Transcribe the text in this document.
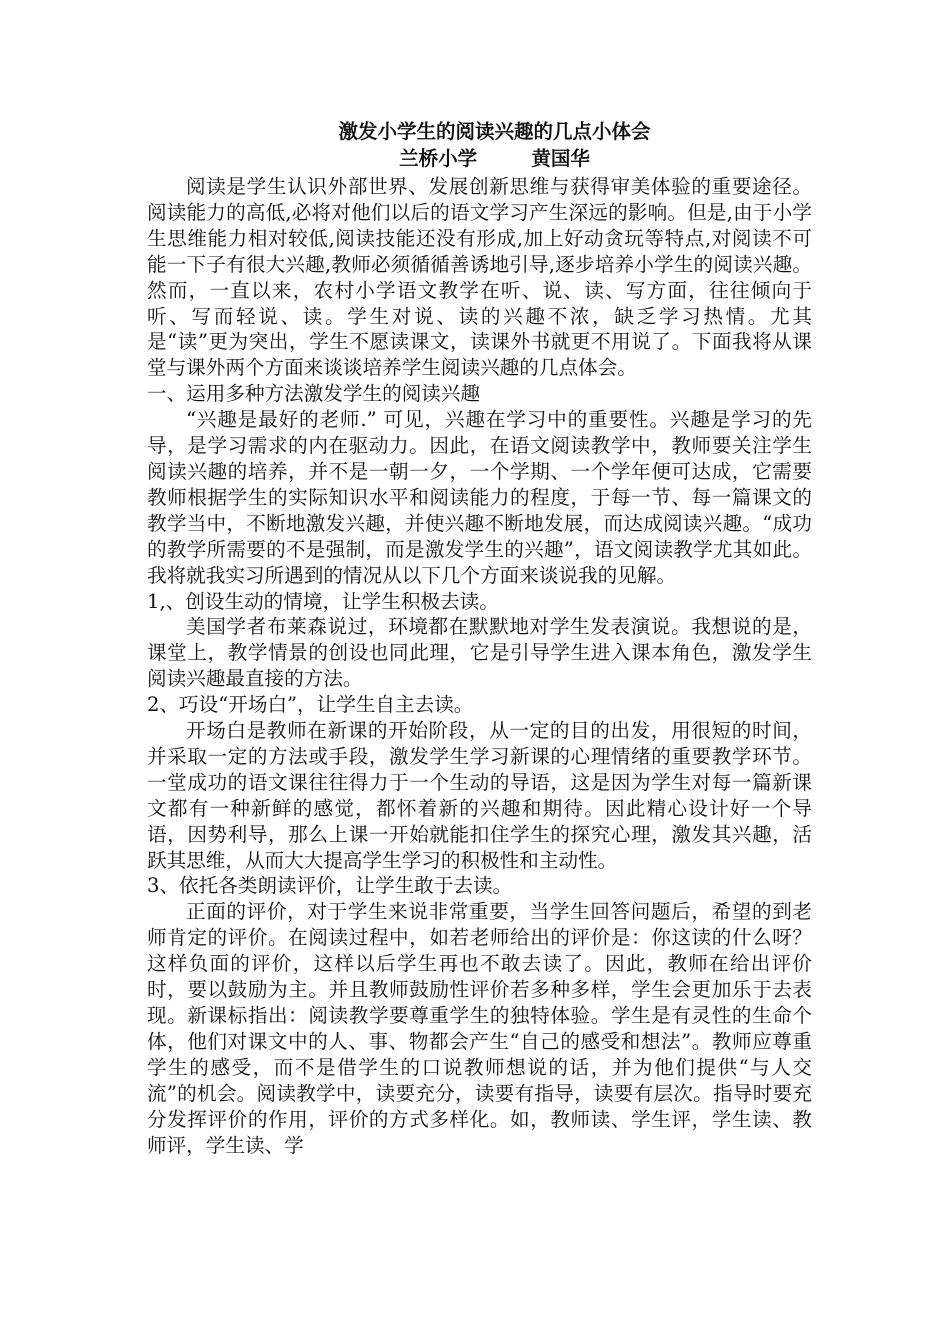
激发小学生的阅读兴趣的几点小体会

兰桥小学        黄国华

阅读是学生认识外部世界、发展创新思维与获得审美体验的重要途径。阅读能力的高低,必将对他们以后的语文学习产生深远的影响。但是,由于小学生思维能力相对较低,阅读技能还没有形成,加上好动贪玩等特点,对阅读不可能一下子有很大兴趣,教师必须循循善诱地引导,逐步培养小学生的阅读兴趣。然而，一直以来，农村小学语文教学在听、说、读、写方面，往往倾向于听、写而轻说、读。学生对说、读的兴趣不浓，缺乏学习热情。尤其是“读”更为突出，学生不愿读课文，读课外书就更不用说了。下面我将从课堂与课外两个方面来谈谈培养学生阅读兴趣的几点体会。

一、运用多种方法激发学生的阅读兴趣

“兴趣是最好的老师.” 可见，兴趣在学习中的重要性。兴趣是学习的先导，是学习需求的内在驱动力。因此，在语文阅读教学中，教师要关注学生阅读兴趣的培养，并不是一朝一夕，一个学期、一个学年便可达成，它需要教师根据学生的实际知识水平和阅读能力的程度，于每一节、每一篇课文的教学当中，不断地激发兴趣，并使兴趣不断地发展，而达成阅读兴趣。“成功的教学所需要的不是强制，而是激发学生的兴趣”，语文阅读教学尤其如此。我将就我实习所遇到的情况从以下几个方面来谈说我的见解。

1,、创设生动的情境，让学生积极去读。

美国学者布莱森说过，环境都在默默地对学生发表演说。我想说的是，课堂上，教学情景的创设也同此理，它是引导学生进入课本角色，激发学生阅读兴趣最直接的方法。

2、巧设“开场白”，让学生自主去读。

开场白是教师在新课的开始阶段，从一定的目的出发，用很短的时间，并采取一定的方法或手段，激发学生学习新课的心理情绪的重要教学环节。一堂成功的语文课往往得力于一个生动的导语，这是因为学生对每一篇新课文都有一种新鲜的感觉，都怀着新的兴趣和期待。因此精心设计好一个导语，因势利导，那么上课一开始就能扣住学生的探究心理，激发其兴趣，活跃其思维，从而大大提高学生学习的积极性和主动性。

3、依托各类朗读评价，让学生敢于去读。

正面的评价，对于学生来说非常重要，当学生回答问题后，希望的到老师肯定的评价。在阅读过程中，如若老师给出的评价是：你这读的什么呀？这样负面的评价，这样以后学生再也不敢去读了。因此，教师在给出评价时，要以鼓励为主。并且教师鼓励性评价若多种多样，学生会更加乐于去表现。新课标指出：阅读教学要尊重学生的独特体验。学生是有灵性的生命个体，他们对课文中的人、事、物都会产生“自己的感受和想法”。教师应尊重学生的感受，而不是借学生的口说教师想说的话，并为他们提供“与人交流”的机会。阅读教学中，读要充分，读要有指导，读要有层次。指导时要充分发挥评价的作用，评价的方式多样化。如，教师读、学生评，学生读、教师评，学生读、学
